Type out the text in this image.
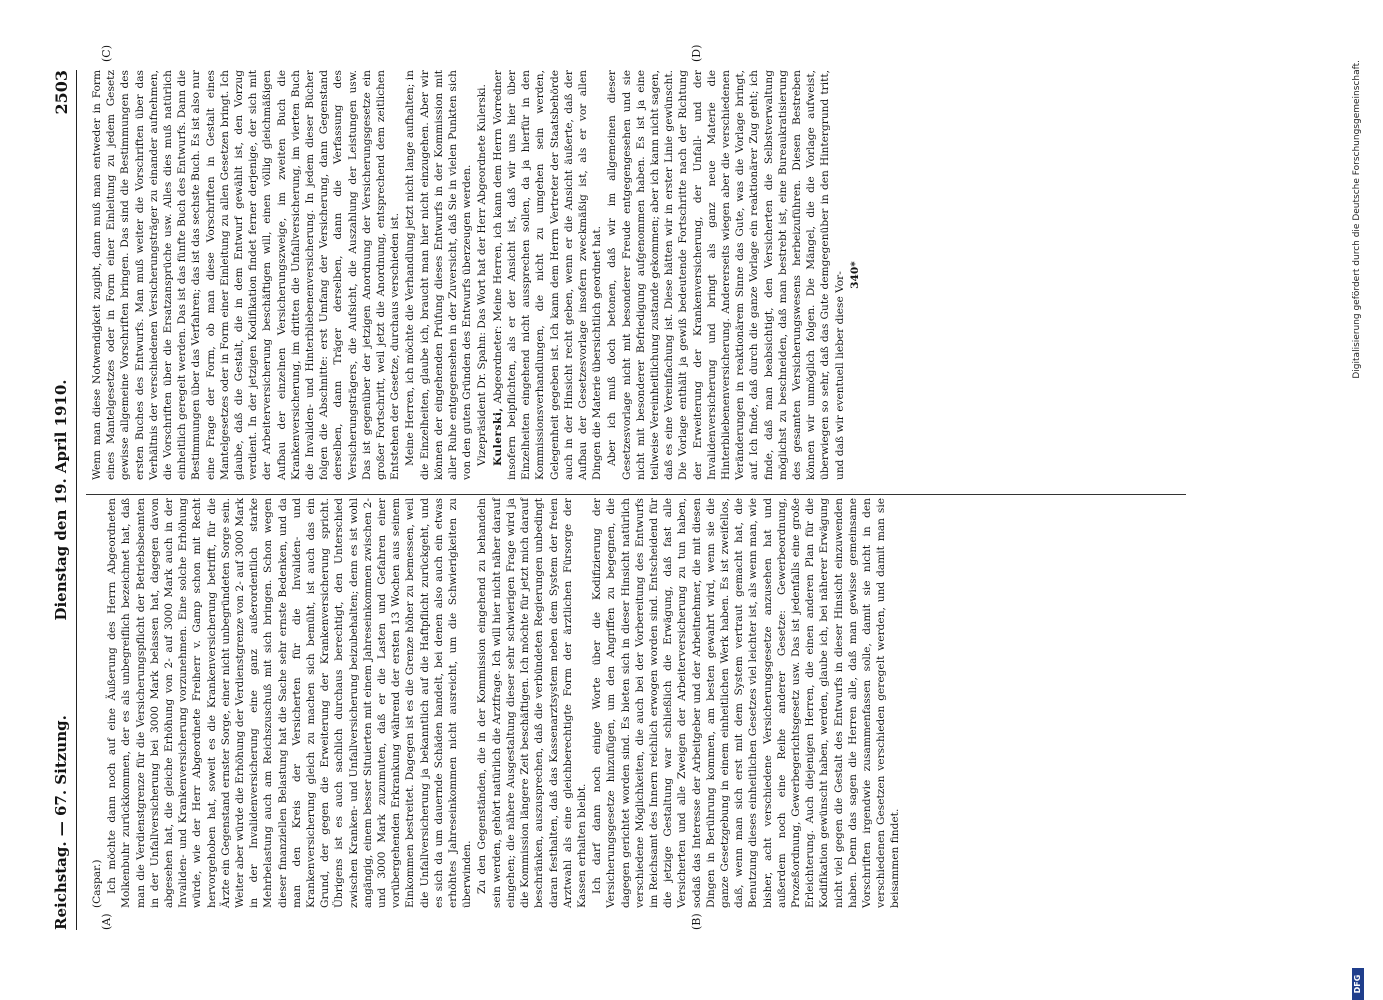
Reichstag. — 67. Sitzung.
Dienstag den 19. April 1910.
2503
(A)	(B)
(C)	(D)

(Caspar.) Ich möchte dann noch auf eine Äußerung des Herrn Abgeordneten Molkenbuhr zurückkommen, der es als unbegreiflich bezeichnet hat, daß man die Verdienstgrenze für die Versicherungspflicht der Betriebsbeamten in der Unfallversicherung bei 3000 Mark belassen hat, dagegen davon abgesehen hat, die gleiche Erhöhung von 2- auf 3000 Mark auch in der Invaliden- und Krankenversicherung vorzunehmen. Eine solche Erhöhung würde, wie der Herr Abgeordnete Freiherr v. Gamp schon mit Recht hervorgehoben hat, soweit es die Krankenversicherung betrifft, für die Ärzte ein Gegenstand ernster Sorge, einer nicht unbegründeten Sorge sein. Weiter aber würde die Erhöhung der Verdienstgrenze von 2- auf 3000 Mark in der Invalidenversicherung eine ganz außerordentlich starke Mehrbelastung auch am Reichszuschuß mit sich bringen. Schon wegen dieser finanziellen Belastung hat die Sache sehr ernste Bedenken, und da man den Kreis der Versicherten für die Invaliden- und Krankenversicherung gleich zu machen sich bemüht, ist auch das ein Grund, der gegen die Erweiterung der Krankenversicherung spricht. Übrigens ist es auch sachlich durchaus berechtigt, den Unterschied zwischen Kranken- und Unfallversicherung beizubehalten; denn es ist wohl angängig, einem besser Situierten mit einem Jahreseinkommen zwischen 2- und 3000 Mark zuzumuten, daß er die Lasten und Gefahren einer vorübergehenden Erkrankung während der ersten 13 Wochen aus seinem Einkommen bestreitet. Dagegen ist es die Grenze höher zu bemessen, weil die Unfallversicherung ja bekanntlich auf die Haftpflicht zurückgeht, und es sich da um dauernde Schäden handelt, bei denen also auch ein etwas erhöhtes Jahreseinkommen nicht ausreicht, um die Schwierigkeiten zu überwinden. Zu den Gegenständen, die in der Kommission eingehend zu behandeln sein werden, gehört natürlich die Arztfrage. Ich will hier nicht näher darauf eingehen; die nähere Ausgestaltung dieser sehr schwierigen Frage wird ja die Kommission längere Zeit beschäftigen. Ich möchte für jetzt mich darauf beschränken, auszusprechen, daß die verbündeten Regierungen unbedingt daran festhalten, daß das Kassenarztsystem neben dem System der freien Arztwahl als eine gleichberechtigte Form der ärztlichen Fürsorge der Kassen erhalten bleibt. Ich darf dann noch einige Worte über die Kodifizierung der Versicherungsgesetze hinzufügen, um den Angriffen zu begegnen, die dagegen gerichtet worden sind. Es bieten sich in dieser Hinsicht natürlich verschiedene Möglichkeiten, die auch bei der Vorbereitung des Entwurfs im Reichsamt des Innern reichlich erwogen worden sind. Entscheidend für die jetzige Gestaltung war schließlich die Erwägung, daß fast alle Versicherten und alle Zweigen der Arbeiterversicherung zu tun haben, sodaß das Interesse der Arbeitgeber und der Arbeitnehmer, die mit diesen Dingen in Berührung kommen, am besten gewahrt wird, wenn sie die ganze Gesetzgebung in einem einheitlichen Werk haben. Es ist zweifellos, daß, wenn man sich erst mit dem System vertraut gemacht hat, die Benutzung dieses einheitlichen Gesetzes viel leichter ist, als wenn man, wie bisher, acht verschiedene Versicherungsgesetze anzusehen hat und außerdem noch eine Reihe anderer Gesetze: Gewerbeordnung, Prozeßordnung, Gewerbegerichtsgesetz usw. Das ist jedenfalls eine große Erleichterung. Auch diejenigen Herren, die einen anderen Plan für die Kodifikation gewünscht haben, werden, glaube ich, bei näherer Erwägung nicht viel gegen die Gestalt des Entwurfs in dieser Hinsicht einzuwenden haben. Denn das sagen die Herren alle, daß man gewisse gemeinsame Vorschriften irgendwie zusammenfassen solle, damit sie nicht in den verschiedenen Gesetzen verschieden geregelt werden, und damit man sie beisammen findet.

Wenn man diese Notwendigkeit zugibt, dann muß man entweder in Form eines Mantelgesetzes oder in Form einer Einleitung zu jedem Gesetz gewisse allgemeine Vorschriften bringen. Das sind die Bestimmungen des ersten Buches des Entwurfs. Man muß weiter die Vorschriften über das Verhältnis der verschiedenen Versicherungsträger zu einander aufnehmen, die Vorschriften über die Ersatzansprüche usw. Alles dies muß natürlich einheitlich geregelt werden. Das ist das fünfte Buch des Entwurfs. Dann die Bestimmungen über das Verfahren; das ist das sechste Buch. Es ist also nur eine Frage der Form, ob man diese Vorschriften in Gestalt eines Mantelgesetzes oder in Form einer Einleitung zu allen Gesetzen bringt. Ich glaube, daß die Gestalt, die in dem Entwurf gewählt ist, den Vorzug verdient. In der jetzigen Kodifikation findet ferner derjenige, der sich mit der Arbeiterversicherung beschäftigen will, einen völlig gleichmäßigen Aufbau der einzelnen Versicherungszweige, im zweiten Buch die Krankenversicherung, im dritten die Unfallversicherung, im vierten Buch die Invaliden- und Hinterbliebenenversicherung. In jedem dieser Bücher folgen die Abschnitte: erst Umfang der Versicherung, dann Gegenstand derselben, dann Träger derselben, dann die Verfassung des Versicherungsträgers, die Aufsicht, die Auszahlung der Leistungen usw. Das ist gegenüber der jetzigen Anordnung der Versicherungsgesetze ein großer Fortschritt, weil jetzt die Anordnung, entsprechend dem zeitlichen Entstehen der Gesetze, durchaus verschieden ist. Meine Herren, ich möchte die Verhandlung jetzt nicht lange aufhalten; in die Einzelheiten, glaube ich, braucht man hier nicht einzugehen. Aber wir können der eingehenden Prüfung dieses Entwurfs in der Kommission mit aller Ruhe entgegensehen in der Zuversicht, daß Sie in vielen Punkten sich von den guten Gründen des Entwurfs überzeugen werden. Vizepräsident Dr. Spahn: Das Wort hat der Herr Abgeordnete Kulerski. Kulerski, Abgeordneter: Meine Herren, ich kann dem Herrn Vorredner insofern beipflichten, als er der Ansicht ist, daß wir uns hier über Einzelheiten eingehend nicht aussprechen sollen, da ja hierfür in den Kommissionsverhandlungen, die nicht zu umgehen sein werden, Gelegenheit gegeben ist. Ich kann dem Herrn Vertreter der Staatsbehörde auch in der Hinsicht recht geben, wenn er die Ansicht äußerte, daß der Aufbau der Gesetzesvorlage insofern zweckmäßig ist, als er vor allen Dingen die Materie übersichtlich geordnet hat. Aber ich muß doch betonen, daß wir im allgemeinen dieser Gesetzesvorlage nicht mit besonderer Freude entgegengesehen und sie nicht mit besonderer Befriedigung aufgenommen haben. Es ist ja eine teilweise Vereinheitlichung zustande gekommen; aber ich kann nicht sagen, daß es eine Vereinfachung ist. Diese hätten wir in erster Linie gewünscht. Die Vorlage enthält ja gewiß bedeutende Fortschritte nach der Richtung der Erweiterung der Krankenversicherung, der Unfall- und der Invalidenversicherung und bringt als ganz neue Materie die Hinterbliebenenversicherung. Andererseits wiegen aber die verschiedenen Veränderungen in reaktionärem Sinne das Gute, was die Vorlage bringt, auf. Ich finde, daß durch die ganze Vorlage ein reaktionärer Zug geht; ich finde, daß man beabsichtigt, den Versicherten die Selbstverwaltung möglichst zu beschneiden, daß man bestrebt ist, eine Bureaukratisierung des gesamten Versicherungswesens herbeizuführen. Diesen Bestreben können wir unmöglich folgen. Die Mängel, die die Vorlage aufweist, überwiegen so sehr, daß das Gute demgegenüber in den Hintergrund tritt, und daß wir eventuell lieber diese Vor- 340*

DFG
Digitalisierung gefördert durch die Deutsche Forschungsgemeinschaft.
